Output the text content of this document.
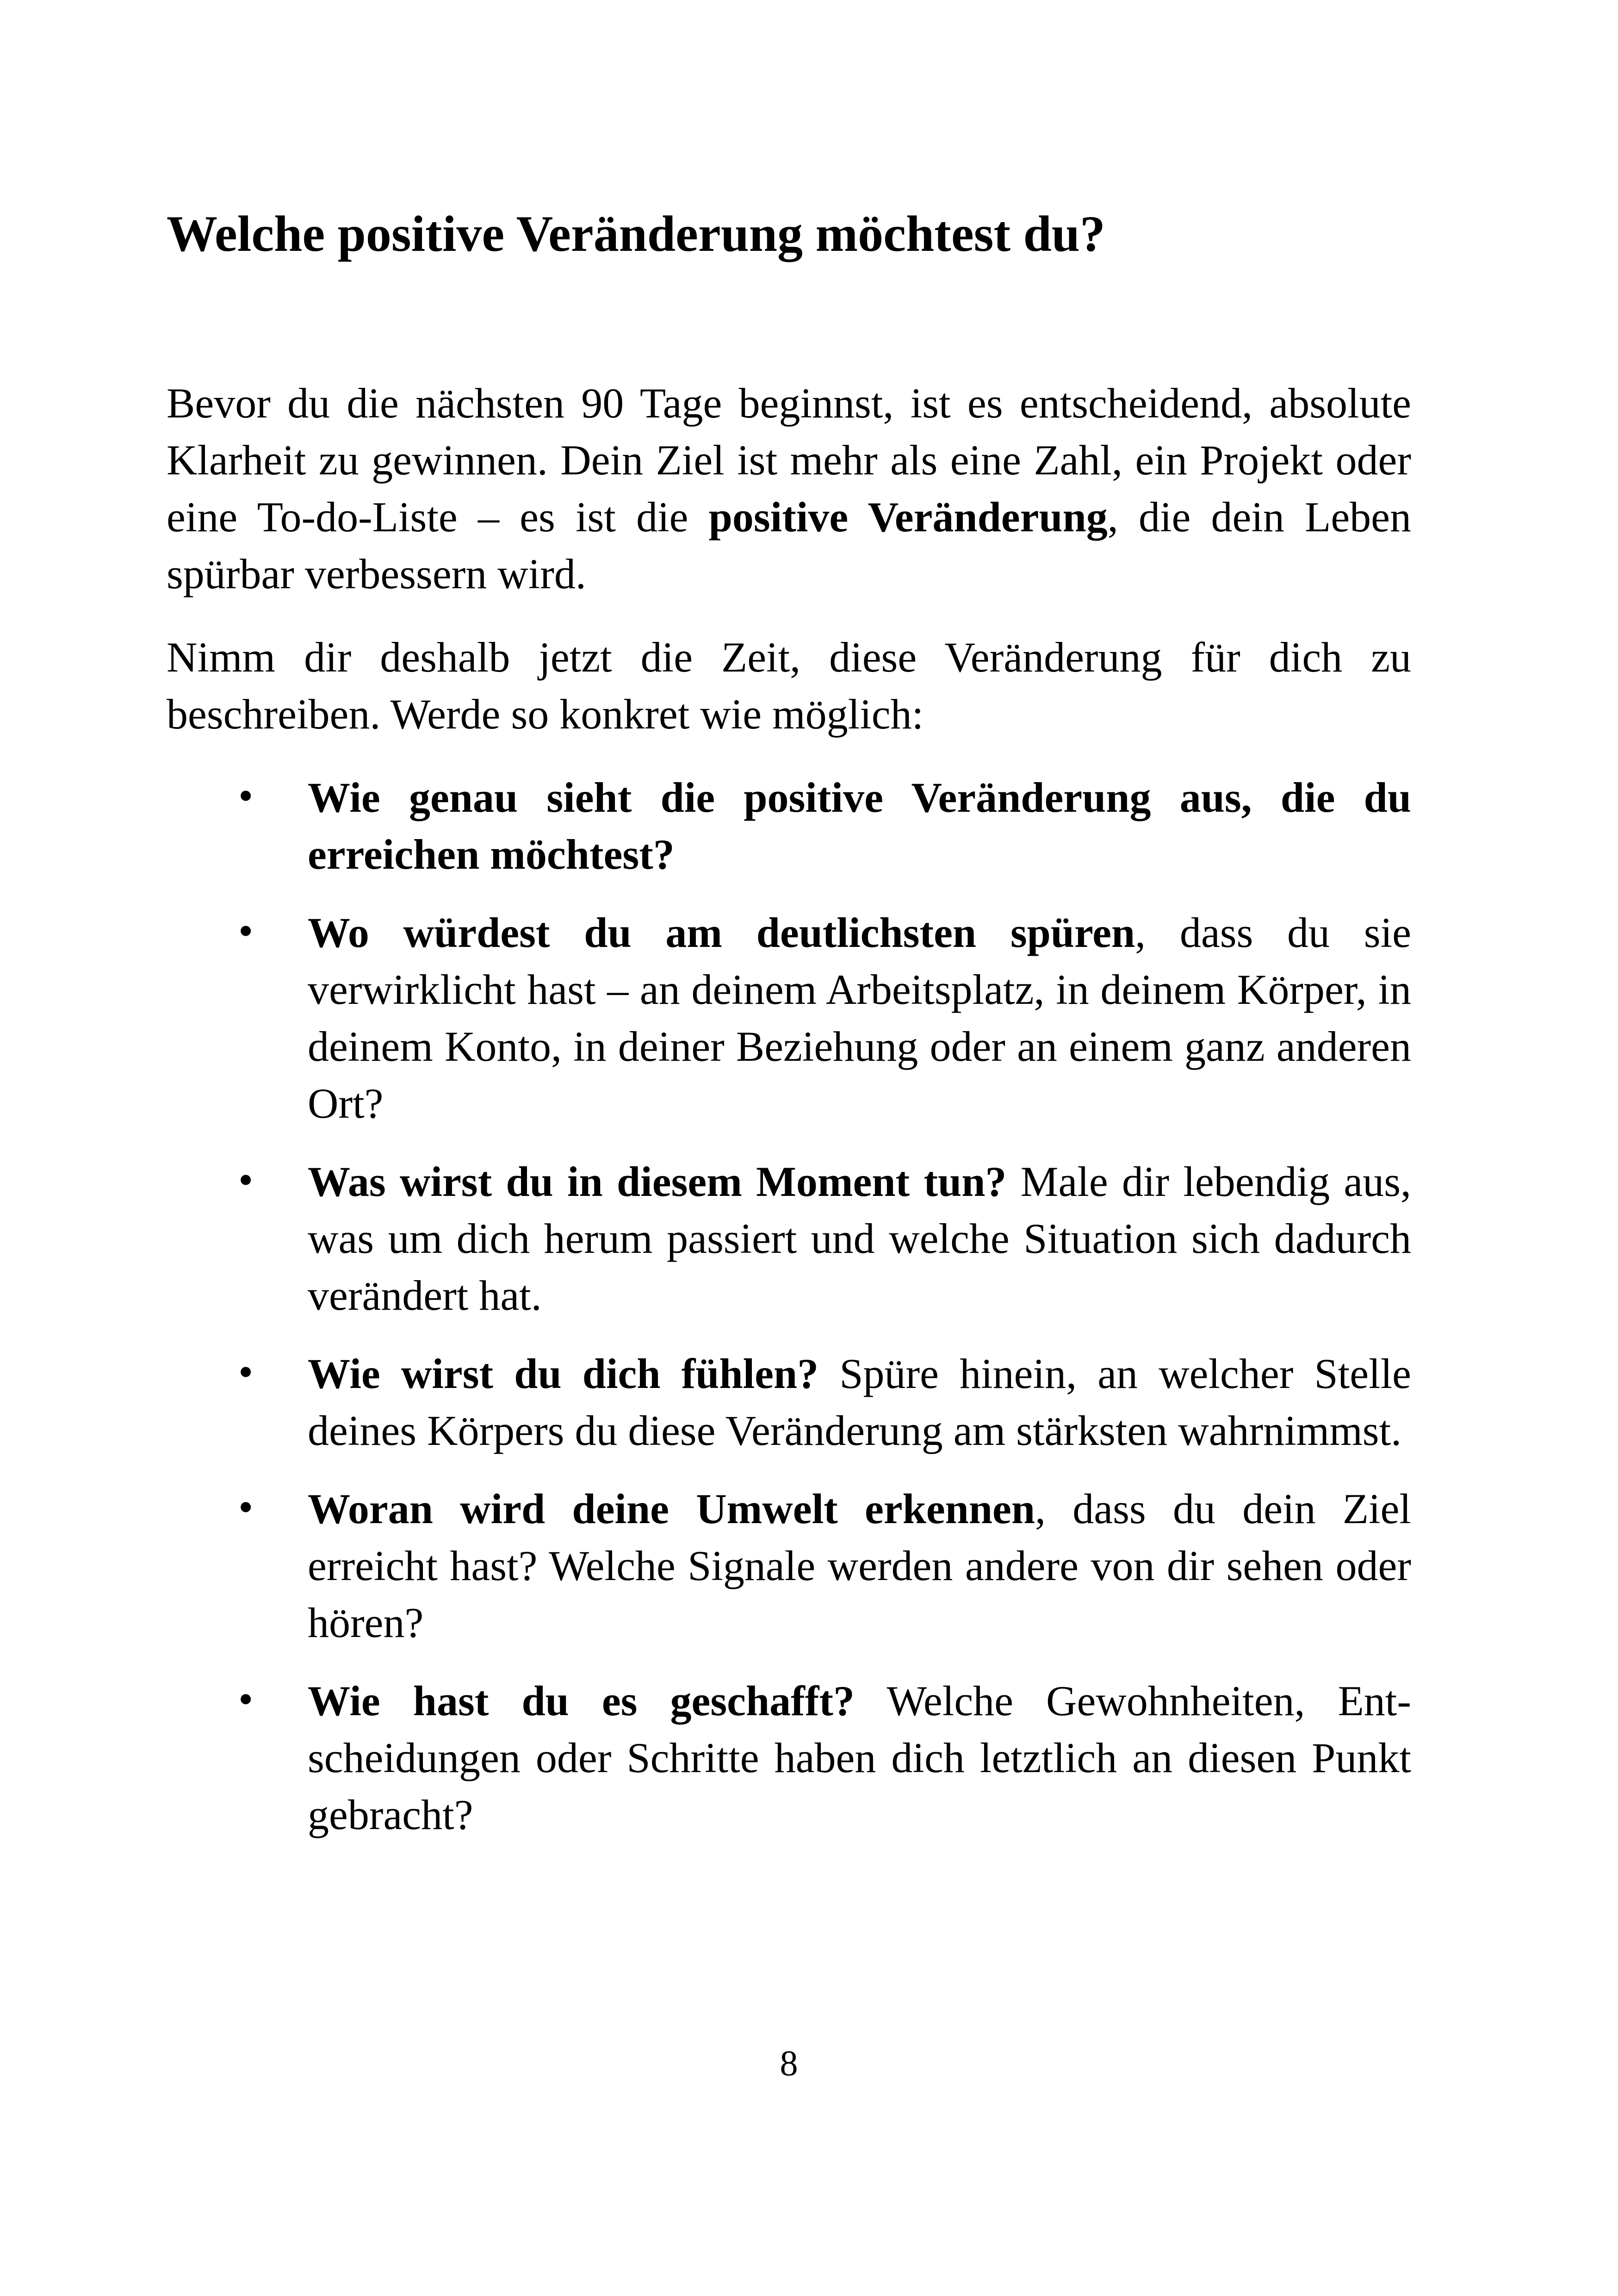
Welche positive Veränderung möchtest du?

Bevor du die nächsten 90 Tage beginnst, ist es entscheidend, absolute Klarheit zu gewinnen. Dein Ziel ist mehr als eine Zahl, ein Projekt oder eine To-do-Liste – es ist die positive Veränderung, die dein Leben spürbar verbessern wird.

Nimm dir deshalb jetzt die Zeit, diese Veränderung für dich zu beschreiben. Werde so konkret wie möglich:

• Wie genau sieht die positive Veränderung aus, die du erreichen möchtest?
• Wo würdest du am deutlichsten spüren, dass du sie verwirklicht hast – an deinem Arbeitsplatz, in deinem Körper, in deinem Konto, in deiner Beziehung oder an einem ganz anderen Ort?
• Was wirst du in diesem Moment tun? Male dir lebendig aus, was um dich herum passiert und welche Situation sich dadurch verändert hat.
• Wie wirst du dich fühlen? Spüre hinein, an welcher Stelle deines Körpers du diese Veränderung am stärksten wahrnimmst.
• Woran wird deine Umwelt erkennen, dass du dein Ziel erreicht hast? Welche Signale werden andere von dir sehen oder hören?
• Wie hast du es geschafft? Welche Gewohnheiten, Entscheidungen oder Schritte haben dich letztlich an diesen Punkt gebracht?
8
